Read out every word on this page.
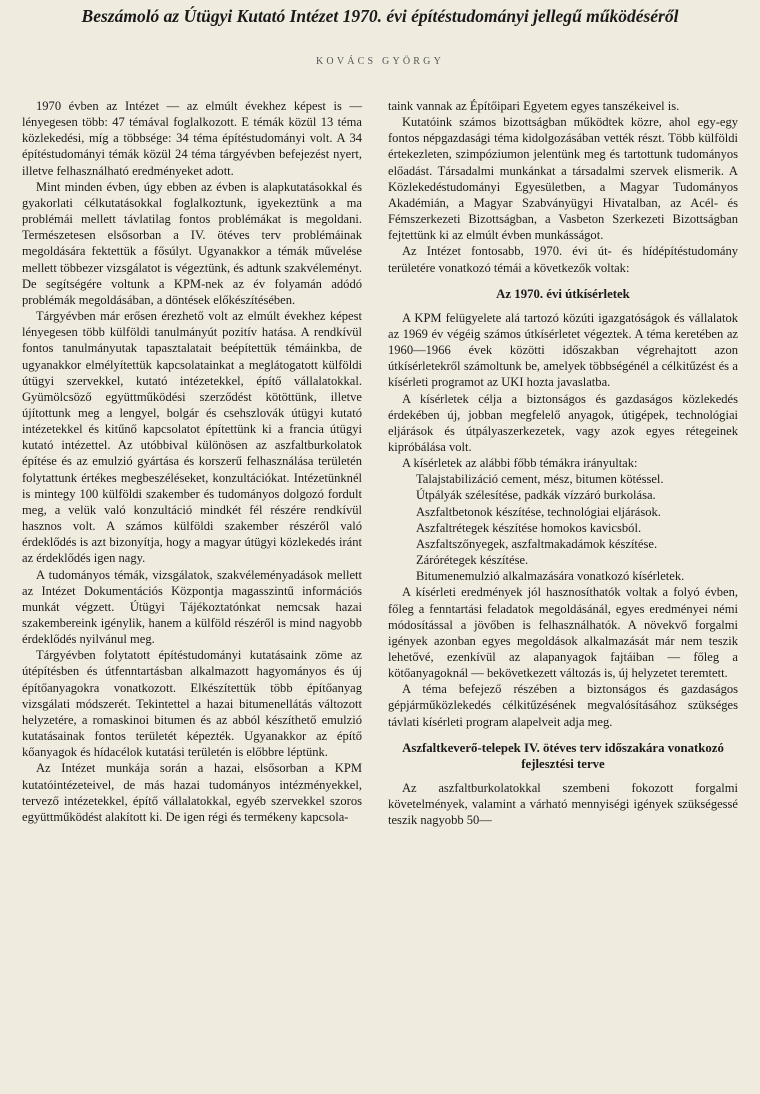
Beszámoló az Útügyi Kutató Intézet 1970. évi építéstudományi jellegű működéséről
KOVÁCS GYÖRGY

1970 évben az Intézet — az elmúlt évekhez képest is — lényegesen több: 47 témával foglalkozott. E témák közül 13 téma közlekedési, míg a többsége: 34 téma építéstudományi volt. A 34 építéstudományi témák közül 24 téma tárgyévben befejezést nyert, illetve felhasználható eredményeket adott.

Mint minden évben, úgy ebben az évben is alapkutatásokkal és gyakorlati célkutatásokkal foglalkoztunk, igyekeztünk a ma problémái mellett távlatilag fontos problémákat is megoldani. Természetesen elsősorban a IV. ötéves terv problémáinak megoldására fektettük a fősúlyt. Ugyanakkor a témák művelése mellett többezer vizsgálatot is végeztünk, és adtunk szakvéleményt. De segítségére voltunk a KPM-nek az év folyamán adódó problémák megoldásában, a döntések előkészítésében.

Tárgyévben már erősen érezhető volt az elmúlt évekhez képest lényegesen több külföldi tanulmányút pozitív hatása. A rendkívül fontos tanulmányutak tapasztalatait beépítettük témáinkba, de ugyanakkor elmélyítettük kapcsolatainkat a meglátogatott külföldi útügyi szervekkel, kutató intézetekkel, építő vállalatokkal. Gyümölcsöző együttműködési szerződést kötöttünk, illetve újítottunk meg a lengyel, bolgár és csehszlovák útügyi kutató intézetekkel és kitűnő kapcsolatot építettünk ki a francia útügyi kutató intézettel. Az utóbbival különösen az aszfaltburkolatok építése és az emulzió gyártása és korszerű felhasználása területén folytattunk értékes megbeszéléseket, konzultációkat. Intézetünknél is mintegy 100 külföldi szakember és tudományos dolgozó fordult meg, a velük való konzultáció mindkét fél részére rendkívül hasznos volt. A számos külföldi szakember részéről való érdeklődés is azt bizonyítja, hogy a magyar útügyi közlekedés iránt az érdeklődés igen nagy.

A tudományos témák, vizsgálatok, szakvéleményadások mellett az Intézet Dokumentációs Központja magasszintű információs munkát végzett. Útügyi Tájékoztatónkat nemcsak hazai szakembereink igénylik, hanem a külföld részéről is mind nagyobb érdeklődés nyilvánul meg.

Tárgyévben folytatott építéstudományi kutatásaink zöme az útépítésben és útfenntartásban alkalmazott hagyományos és új építőanyagokra vonatkozott. Elkészítettük több építőanyag vizsgálati módszerét. Tekintettel a hazai bitumenellátás változott helyzetére, a romaskinoi bitumen és az abból készíthető emulzió kutatásainak fontos területét képezték. Ugyanakkor az építő kőanyagok és hídacélok kutatási területén is előbbre léptünk.

Az Intézet munkája során a hazai, elsősorban a KPM kutatóintézeteivel, de más hazai tudományos intézményekkel, tervező intézetekkel, építő vállalatokkal, egyéb szervekkel szoros együttműködést alakított ki. De igen régi és termékeny kapcsola-

taink vannak az Építőipari Egyetem egyes tanszékeivel is.

Kutatóink számos bizottságban működtek közre, ahol egy-egy fontos népgazdasági téma kidolgozásában vették részt. Több külföldi értekezleten, szimpóziumon jelentünk meg és tartottunk tudományos előadást. Társadalmi munkánkat a társadalmi szervek elismerik. A Közlekedéstudományi Egyesületben, a Magyar Tudományos Akadémián, a Magyar Szabványügyi Hivatalban, az Acél- és Fémszerkezeti Bizottságban, a Vasbeton Szerkezeti Bizottságban fejtettünk ki az elmúlt évben munkásságot.

Az Intézet fontosabb, 1970. évi út- és hídépítéstudomány területére vonatkozó témái a következők voltak:

Az 1970. évi útkísérletek

A KPM felügyelete alá tartozó közúti igazgatóságok és vállalatok az 1969 év végéig számos útkísérletet végeztek. A téma keretében az 1960—1966 évek közötti időszakban végrehajtott azon útkísérletekről számoltunk be, amelyek többségénél a célkitűzést és a kísérleti programot az UKI hozta javaslatba.

A kísérletek célja a biztonságos és gazdaságos közlekedés érdekében új, jobban megfelelő anyagok, útigépek, technológiai eljárások és útpályaszerkezetek, vagy azok egyes rétegeinek kipróbálása volt.

A kísérletek az alábbi főbb témákra irányultak:

Talajstabilizáció cement, mész, bitumen kötéssel.
Útpályák szélesítése, padkák vízzáró burkolása.
Aszfaltbetonok készítése, technológiai eljárások.
Aszfaltrétegek készítése homokos kavicsból.
Aszfaltszőnyegek, aszfaltmakadámok készítése.
Záróréteg​ek készítése.
Bitumenemulzió alkalmazására vonatkozó kísérletek.

A kísérleti eredmények jól hasznosíthatók voltak a folyó évben, főleg a fenntartási feladatok megoldásánál, egyes eredményei némi módosítással a jövőben is felhasználhatók. A növekvő forgalmi igények azonban egyes megoldások alkalmazását már nem teszik lehetővé, ezenkívül az alapanyagok fajtáiban — főleg a kötőanyagoknál — bekövetkezett változás is, új helyzetet teremtett.

A téma befejező részében a biztonságos és gazdaságos gépjárműközlekedés célkitűzésének megvalósításához szükséges távlati kísérleti program alapelveit adja meg.

Aszfaltkeverő-telepek IV. ötéves terv időszakára vonatkozó fejlesztési terve

Az aszfaltburkolatokkal szembeni fokozott forgalmi követelmények, valamint a várható mennyiségi igények szükségessé teszik nagyobb 50—
